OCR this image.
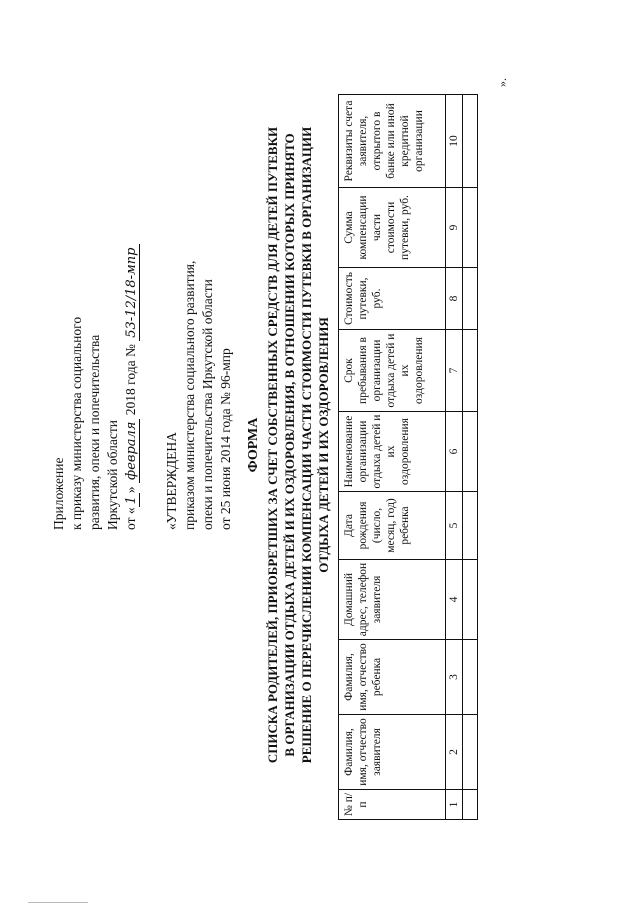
Приложение к приказу министерства социального развития, опеки и попечительства Иркутской области от «1» февраля 2018 года № 53-12/18-мпр
«УТВЕРЖДЕНА приказом министерства социального развития, опеки и попечительства Иркутской области от 25 июня 2014 года № 96-мпр ФОРМА СПИСКА РОДИТЕЛЕЙ, ПРИОБРЕТШИХ ЗА СЧЕТ СОБСТВЕННЫХ СРЕДСТВ ДЛЯ ДЕТЕЙ ПУТЕВКИ В ОРГАНИЗАЦИИ ОТДЫХА ДЕТЕЙ И ИХ ОЗДОРОВЛЕНИЯ, В ОТНОШЕНИИ КОТОРЫХ ПРИНЯТО РЕШЕНИЕ О ПЕРЕЧИСЛЕНИИ КОМПЕНСАЦИИ ЧАСТИ СТОИМОСТИ ПУТЕВКИ В ОРГАНИЗАЦИИ ОТДЫХА ДЕТЕЙ И ИХ ОЗДОРОВЛЕНИЯ
№ п/п	Фамилия, имя, отчество заявителя	Фамилия, имя, отчество ребенка	Домашний адрес, телефон заявителя	Дата рождения (число, месяц, год) ребенка	Наименование организации отдыха детей и их оздоровления	Срок пребывания в организации отдыха детей и их оздоровления	Стоимость путевки, руб.	Сумма компенсации части стоимости путевки, руб.	Реквизиты счета заявителя, открытого в банке или иной кредитной организации
1	2	3	4	5	6	7	8	9	10

».
